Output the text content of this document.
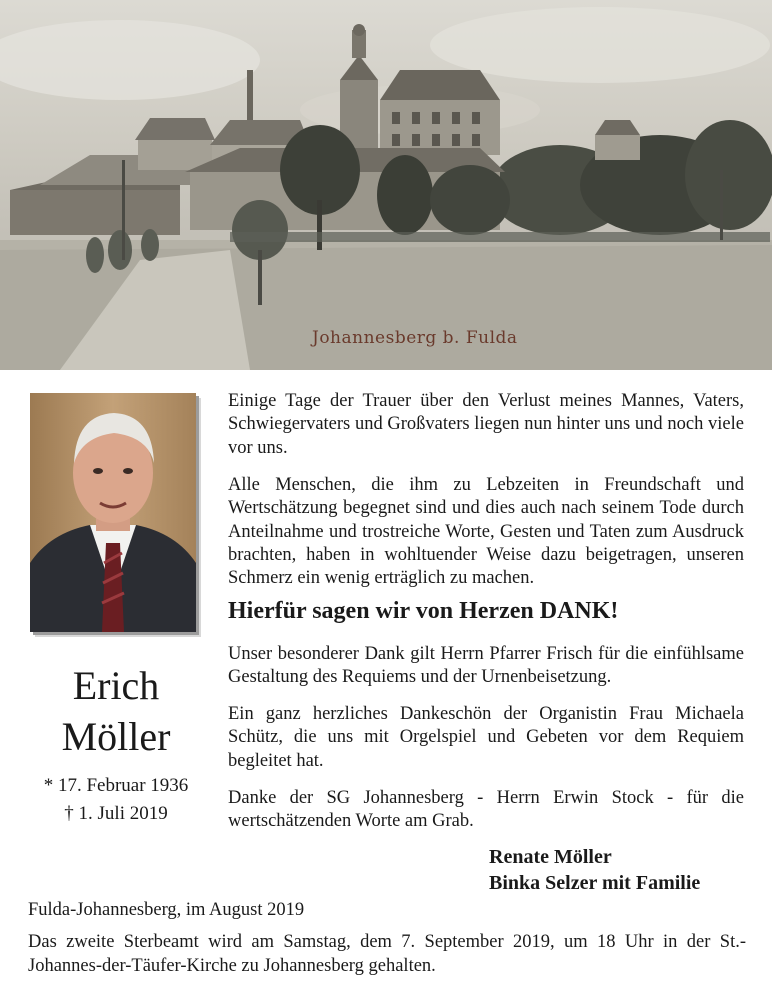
Johannesberg b. Fulda
Erich
Möller
* 17. Februar 1936
† 1. Juli 2019

Einige Tage der Trauer über den Verlust meines Mannes, Vaters, Schwiegervaters und Großvaters liegen nun hinter uns und noch viele vor uns.

Alle Menschen, die ihm zu Lebzeiten in Freundschaft und Wertschätzung begegnet sind und dies auch nach seinem Tode durch Anteilnahme und trostreiche Worte, Gesten und Taten zum Ausdruck brachten, haben in wohltuender Weise dazu beigetragen, unseren Schmerz ein wenig erträglich zu machen.

Hierfür sagen wir von Herzen DANK!

Unser besonderer Dank gilt Herrn Pfarrer Frisch für die einfühlsame Gestaltung des Requiems und der Urnenbeisetzung.

Ein ganz herzliches Dankeschön der Organistin Frau Michaela Schütz, die uns mit Orgelspiel und Gebeten vor dem Requiem begleitet hat.

Danke der SG Johannesberg - Herrn Erwin Stock - für die wertschätzenden Worte am Grab.

Renate Möller

Binka Selzer mit Familie

Fulda-Johannesberg, im August 2019

Das zweite Sterbeamt wird am Samstag, dem 7. September 2019, um 18 Uhr in der St.-Johannes-der-Täufer-Kirche zu Johannesberg gehalten.
